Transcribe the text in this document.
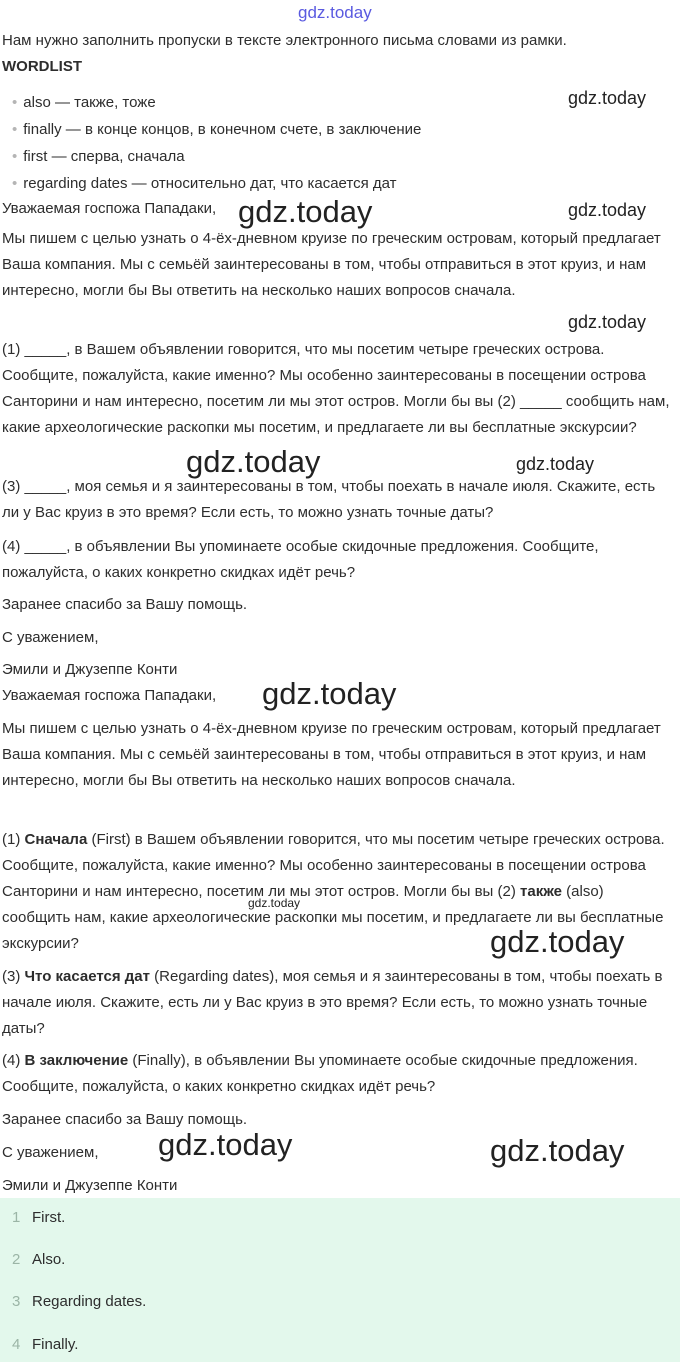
gdz.today
gdz.today
gdz.today
gdz.today
gdz.today
gdz.today	gdz.today
gdz.today
gdz.today
gdz.today
gdz.today	gdz.today

Нам нужно заполнить пропуски в тексте электронного письма словами из рамки.

WORDLIST

• also — также, тоже
• finally — в конце концов, в конечном счете, в заключение
• first — сперва, сначала
• regarding dates — относительно дат, что касается дат

Уважаемая госпожа Пападаки,

Мы пишем с целью узнать о 4-ёх-дневном круизе по греческим островам, который предлагает Ваша компания. Мы с семьёй заинтересованы в том, чтобы отправиться в этот круиз, и нам интересно, могли бы Вы ответить на несколько наших вопросов сначала.

(1) _____, в Вашем объявлении говорится, что мы посетим четыре греческих острова. Сообщите, пожалуйста, какие именно? Мы особенно заинтересованы в посещении острова Санторини и нам интересно, посетим ли мы этот остров. Могли бы вы (2) _____ сообщить нам, какие археологические раскопки мы посетим, и предлагаете ли вы бесплатные экскурсии?

(3) _____, моя семья и я заинтересованы в том, чтобы поехать в начале июля. Скажите, есть ли у Вас круиз в это время? Если есть, то можно узнать точные даты?

(4) _____, в объявлении Вы упоминаете особые скидочные предложения. Сообщите, пожалуйста, о каких конкретно скидках идёт речь?

Заранее спасибо за Вашу помощь.

С уважением,

Эмили и Джузеппе Конти

Уважаемая госпожа Пападаки,

Мы пишем с целью узнать о 4-ёх-дневном круизе по греческим островам, который предлагает Ваша компания. Мы с семьёй заинтересованы в том, чтобы отправиться в этот круиз, и нам интересно, могли бы Вы ответить на несколько наших вопросов сначала.

(1) Сначала (First) в Вашем объявлении говорится, что мы посетим четыре греческих острова. Сообщите, пожалуйста, какие именно? Мы особенно заинтересованы в посещении острова Санторини и нам интересно, посетим ли мы этот остров. Могли бы вы (2) также (also) сообщить нам, какие археологические раскопки мы посетим, и предлагаете ли вы бесплатные экскурсии?

(3) Что касается дат (Regarding dates), моя семья и я заинтересованы в том, чтобы поехать в начале июля. Скажите, есть ли у Вас круиз в это время? Если есть, то можно узнать точные даты?

(4) В заключение (Finally), в объявлении Вы упоминаете особые скидочные предложения. Сообщите, пожалуйста, о каких конкретно скидках идёт речь?

Заранее спасибо за Вашу помощь.

С уважением,

Эмили и Джузеппе Конти

1 First.
2 Also.
3 Regarding dates.
4 Finally.
